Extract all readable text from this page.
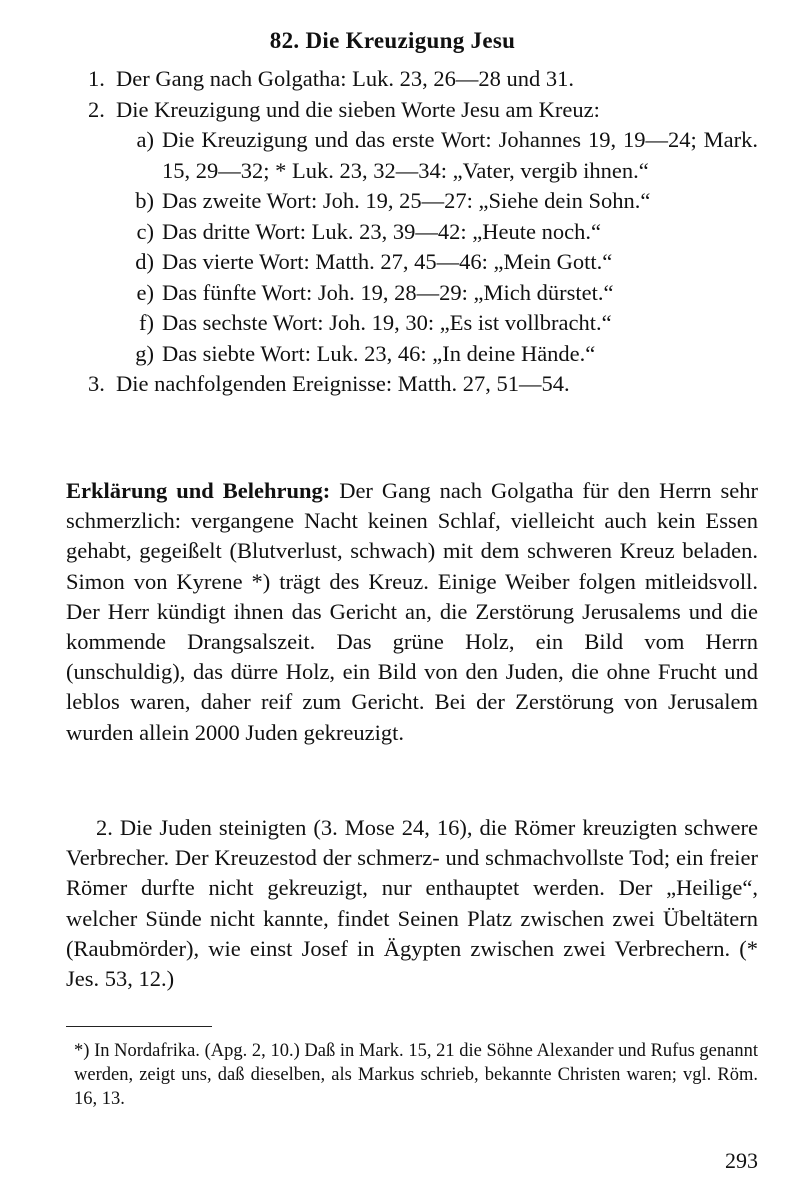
82. Die Kreuzigung Jesu
1. Der Gang nach Golgatha: Luk. 23, 26—28 und 31.
2. Die Kreuzigung und die sieben Worte Jesu am Kreuz:
a) Die Kreuzigung und das erste Wort: Johannes 19, 19—24; Mark. 15, 29—32; * Luk. 23, 32—34: „Vater, vergib ihnen.“
b) Das zweite Wort: Joh. 19, 25—27: „Siehe dein Sohn.“
c) Das dritte Wort: Luk. 23, 39—42: „Heute noch.“
d) Das vierte Wort: Matth. 27, 45—46: „Mein Gott.“
e) Das fünfte Wort: Joh. 19, 28—29: „Mich dürstet.“
f) Das sechste Wort: Joh. 19, 30: „Es ist vollbracht.“
g) Das siebte Wort: Luk. 23, 46: „In deine Hände.“
3. Die nachfolgenden Ereignisse: Matth. 27, 51—54.
Erklärung und Belehrung: Der Gang nach Golgatha für den Herrn sehr schmerzlich: vergangene Nacht keinen Schlaf, vielleicht auch kein Essen gehabt, gegeißelt (Blutverlust, schwach) mit dem schweren Kreuz beladen. Simon von Kyrene *) trägt des Kreuz. Einige Weiber folgen mitleidsvoll. Der Herr kündigt ihnen das Gericht an, die Zerstörung Jerusalems und die kommende Drangsalszeit. Das grüne Holz, ein Bild vom Herrn (unschuldig), das dürre Holz, ein Bild von den Juden, die ohne Frucht und leblos waren, daher reif zum Gericht. Bei der Zerstörung von Jerusalem wurden allein 2000 Juden gekreuzigt.
2. Die Juden steinigten (3. Mose 24, 16), die Römer kreuzigten schwere Verbrecher. Der Kreuzestod der schmerz- und schmachvollste Tod; ein freier Römer durfte nicht gekreuzigt, nur enthauptet werden. Der „Heilige“, welcher Sünde nicht kannte, findet Seinen Platz zwischen zwei Übeltätern (Raubmörder), wie einst Josef in Ägypten zwischen zwei Verbrechern. (* Jes. 53, 12.)
*) In Nordafrika. (Apg. 2, 10.) Daß in Mark. 15, 21 die Söhne Alexander und Rufus genannt werden, zeigt uns, daß dieselben, als Markus schrieb, bekannte Christen waren; vgl. Röm. 16, 13.
293
